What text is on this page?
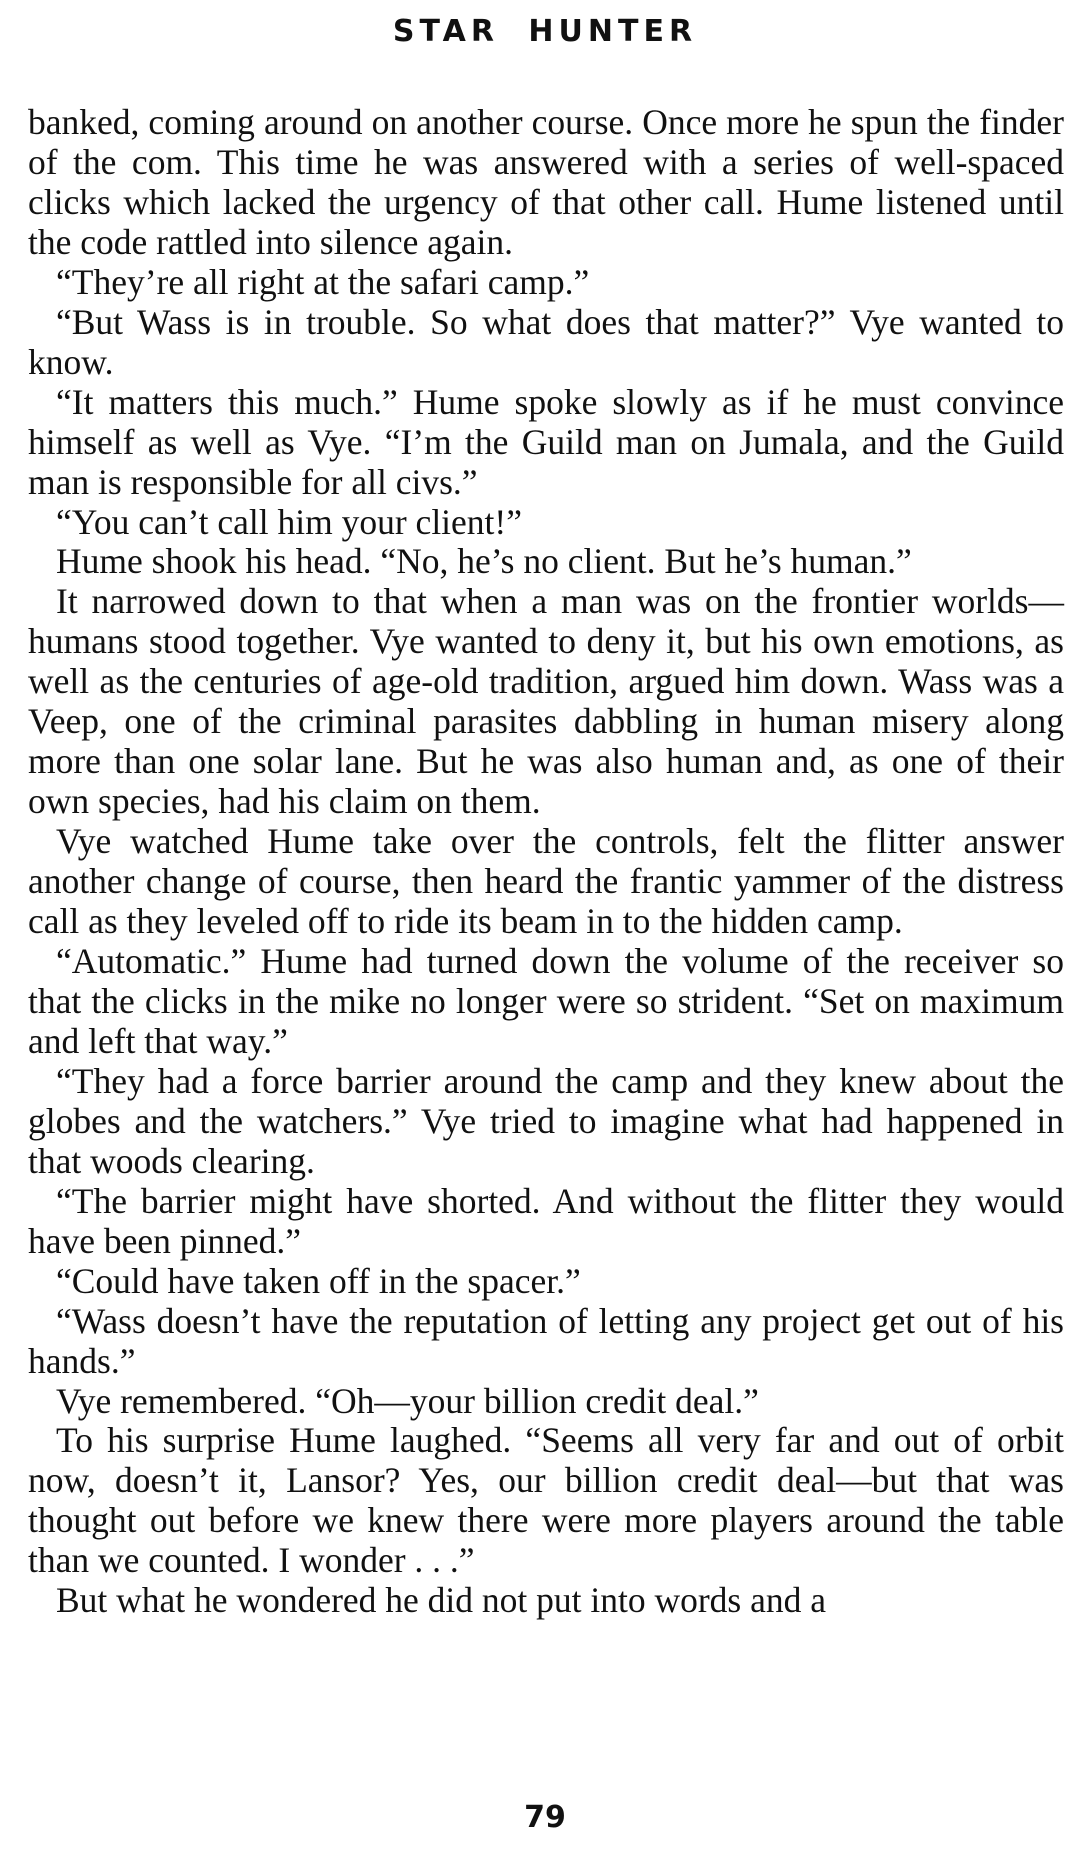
STAR HUNTER

banked, coming around on another course. Once more he spun the finder of the com. This time he was answered with a series of well-spaced clicks which lacked the urgency of that other call. Hume listened until the code rattled into silence again.

“They’re all right at the safari camp.”

“But Wass is in trouble. So what does that matter?” Vye wanted to know.

“It matters this much.” Hume spoke slowly as if he must convince himself as well as Vye. “I’m the Guild man on Jumala, and the Guild man is responsible for all civs.”

“You can’t call him your client!”

Hume shook his head. “No, he’s no client. But he’s human.”

It narrowed down to that when a man was on the frontier worlds—humans stood together. Vye wanted to deny it, but his own emotions, as well as the centuries of age-old tradition, argued him down. Wass was a Veep, one of the criminal parasites dabbling in human misery along more than one solar lane. But he was also human and, as one of their own species, had his claim on them.

Vye watched Hume take over the controls, felt the flitter answer another change of course, then heard the frantic yammer of the distress call as they leveled off to ride its beam in to the hidden camp.

“Automatic.” Hume had turned down the volume of the receiver so that the clicks in the mike no longer were so strident. “Set on maximum and left that way.”

“They had a force barrier around the camp and they knew about the globes and the watchers.” Vye tried to imagine what had happened in that woods clearing.

“The barrier might have shorted. And without the flitter they would have been pinned.”

“Could have taken off in the spacer.”

“Wass doesn’t have the reputation of letting any project get out of his hands.”

Vye remembered. “Oh—your billion credit deal.”

To his surprise Hume laughed. “Seems all very far and out of orbit now, doesn’t it, Lansor? Yes, our billion credit deal—but that was thought out before we knew there were more players around the table than we counted. I wonder . . .”

But what he wondered he did not put into words and a

79
